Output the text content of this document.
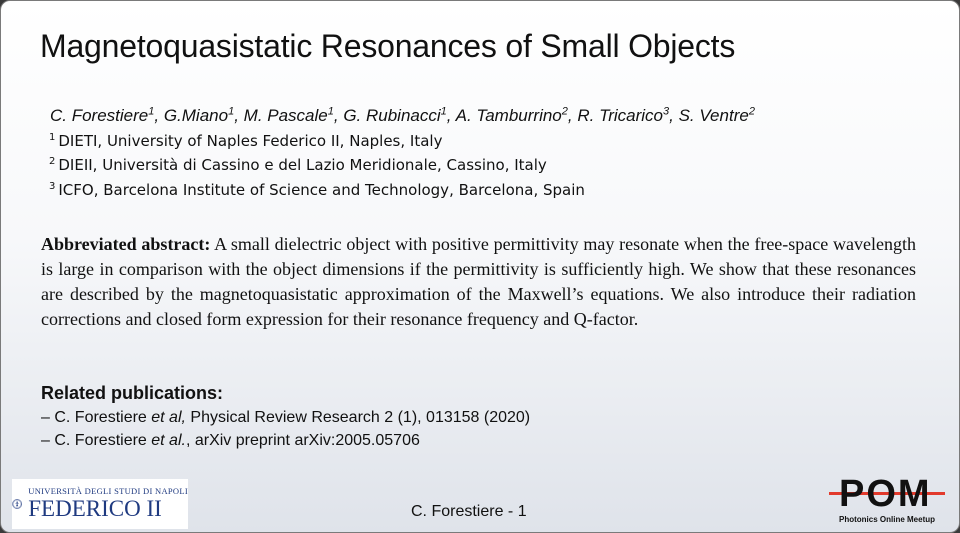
Magnetoquasistatic Resonances of Small Objects
C. Forestiere$^1$, G.Miano$^1$, M. Pascale$^1$, G. Rubinacci$^1$, A. Tamburrino$^2$, R. Tricarico$^3$, S. Ventre$^2$
$^1$ DIETI, University of Naples Federico II, Naples, Italy
$^2$ DIEII, Università di Cassino e del Lazio Meridionale, Cassino, Italy
$^3$ ICFO, Barcelona Institute of Science and Technology, Barcelona, Spain
Abbreviated abstract: A small dielectric object with positive permittivity may resonate when the free-space wavelength is large in comparison with the object dimensions if the permittivity is sufficiently high. We show that these resonances are described by the magnetoquasistatic approximation of the Maxwell’s equations. We also introduce their radiation corrections and closed form expression for their resonance frequency and Q-factor.
Related publications:
– C. Forestiere et al, Physical Review Research 2 (1), 013158 (2020)
– C. Forestiere et al., arXiv preprint arXiv:2005.05706
UNIVERSITÀ DEGLI STUDI DI NAPOLI
FEDERICO II	C. Forestiere - 1	POM
Photonics Online Meetup
